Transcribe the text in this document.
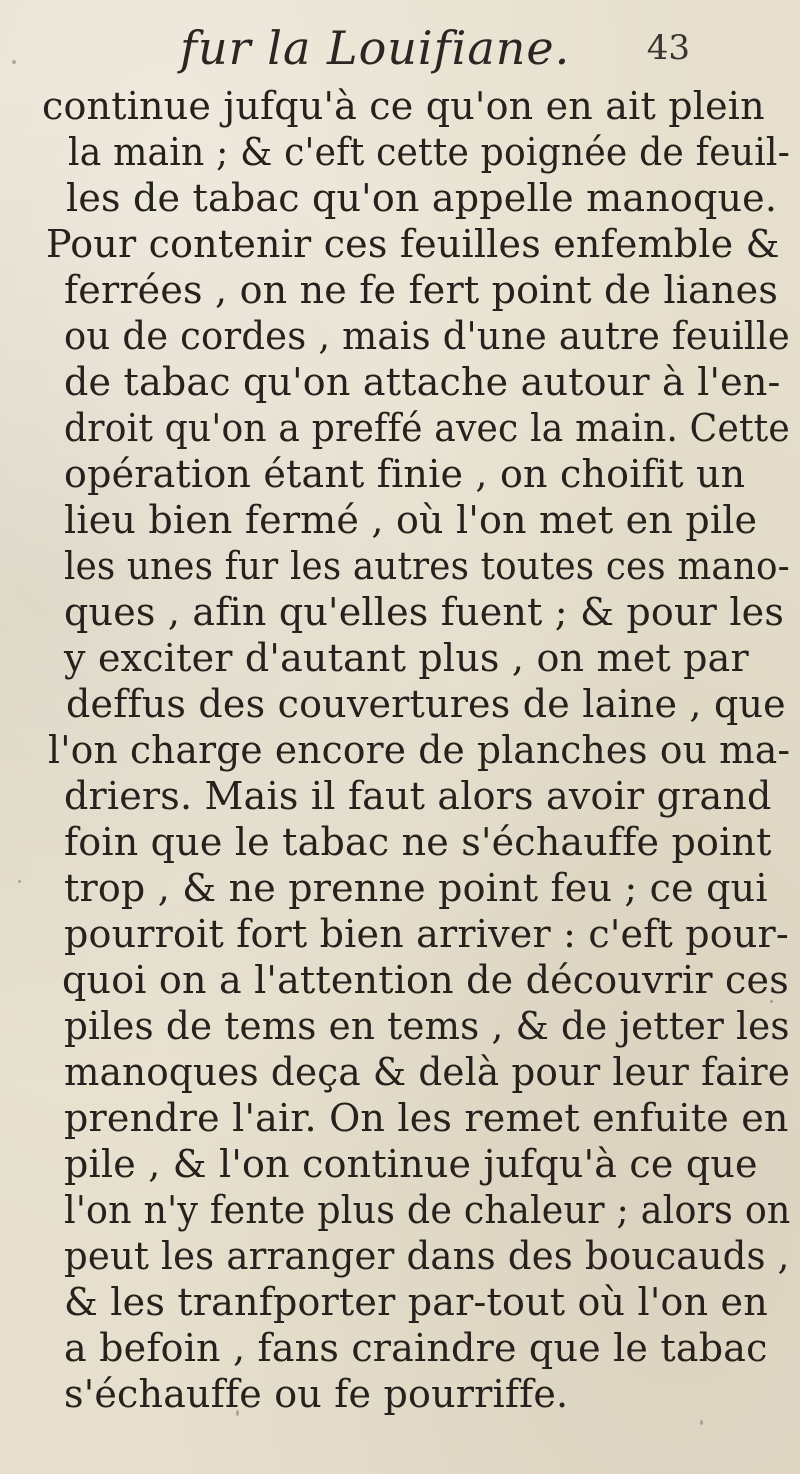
fur la Louifiane. 43
continue jufqu'à ce qu'on en ait plein
la main ; & c'eft cette poignée de feuil-
les de tabac qu'on appelle manoque.
Pour contenir ces feuilles enfemble &
ferrées , on ne fe fert point de lianes
ou de cordes , mais d'une autre feuille
de tabac qu'on attache autour à l'en-
droit qu'on a preffé avec la main. Cette
opération étant finie , on choifit un
lieu bien fermé , où l'on met en pile
les unes fur les autres toutes ces mano-
ques , afin qu'elles fuent ; & pour les
y exciter d'autant plus , on met par
deffus des couvertures de laine , que
l'on charge encore de planches ou ma-
driers. Mais il faut alors avoir grand
foin que le tabac ne s'échauffe point
trop , & ne prenne point feu ; ce qui
pourroit fort bien arriver : c'eft pour-
quoi on a l'attention de découvrir ces
piles de tems en tems , & de jetter les
manoques deça & delà pour leur faire
prendre l'air. On les remet enfuite en
pile , & l'on continue jufqu'à ce que
l'on n'y fente plus de chaleur ; alors on
peut les arranger dans des boucauds ,
& les tranfporter par-tout où l'on en
a befoin , fans craindre que le tabac
s'échauffe ou fe pourriffe.
